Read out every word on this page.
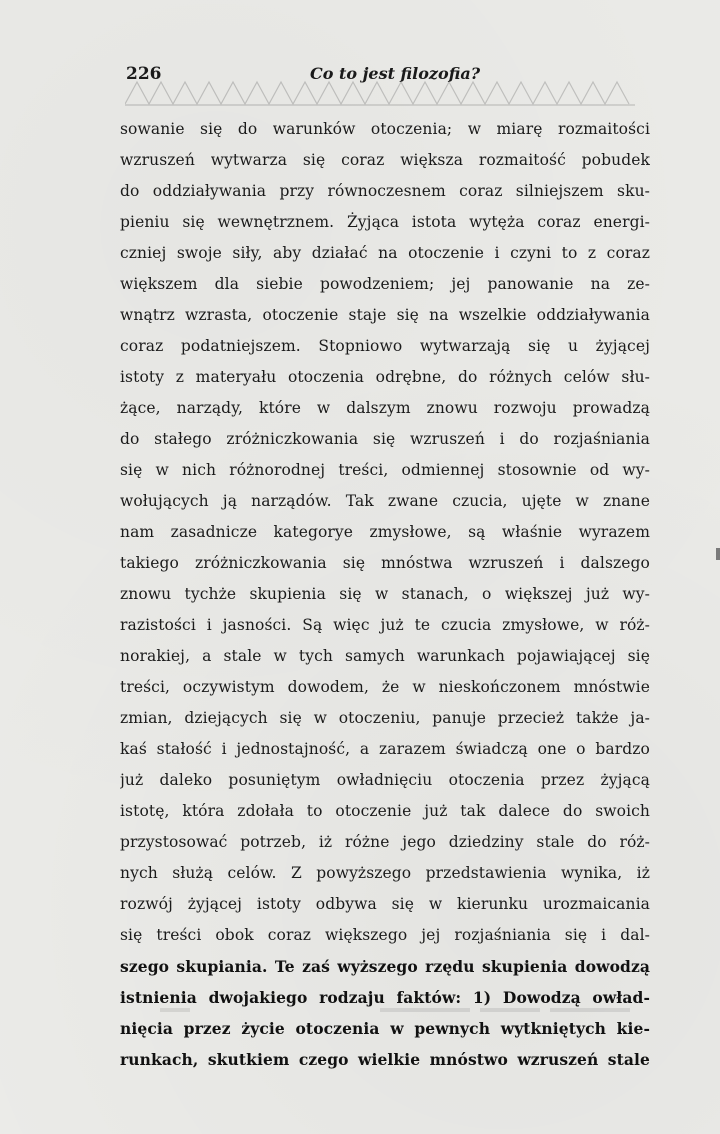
226	Co to jest filozofia?
sowanie się do warunków otoczenia; w miarę rozmaitości
wzruszeń wytwarza się coraz większa rozmaitość pobudek
do oddziaływania przy równoczesnem coraz silniejszem sku-
pieniu się wewnętrznem. Żyjąca istota wytęża coraz energi-
czniej swoje siły, aby działać na otoczenie i czyni to z coraz
większem dla siebie powodzeniem; jej panowanie na ze-
wnątrz wzrasta, otoczenie staje się na wszelkie oddziaływania
coraz podatniejszem. Stopniowo wytwarzają się u żyjącej
istoty z materyału otoczenia odrębne, do różnych celów słu-
żące, narządy, które w dalszym znowu rozwoju prowadzą
do stałego zróżniczkowania się wzruszeń i do rozjaśniania
się w nich różnorodnej treści, odmiennej stosownie od wy-
wołujących ją narządów. Tak zwane czucia, ujęte w znane
nam zasadnicze kategorye zmysłowe, są właśnie wyrazem
takiego zróżniczkowania się mnóstwa wzruszeń i dalszego
znowu tychże skupienia się w stanach, o większej już wy-
razistości i jasności. Są więc już te czucia zmysłowe, w róż-
norakiej, a stale w tych samych warunkach pojawiającej się
treści, oczywistym dowodem, że w nieskończonem mnóstwie
zmian, dziejących się w otoczeniu, panuje przecież także ja-
kaś stałość i jednostajność, a zarazem świadczą one o bardzo
już daleko posuniętym owładnięciu otoczenia przez żyjącą
istotę, która zdołała to otoczenie już tak dalece do swoich
przystosować potrzeb, iż różne jego dziedziny stale do róż-
nych służą celów. Z powyższego przedstawienia wynika, iż
rozwój żyjącej istoty odbywa się w kierunku urozmaicania
się treści obok coraz większego jej rozjaśniania się i dal-
szego skupiania. Te zaś wyższego rzędu skupienia dowodzą
istnienia dwojakiego rodzaju faktów: 1) Dowodzą owład-
nięcia przez życie otoczenia w pewnych wytkniętych kie-
runkach, skutkiem czego wielkie mnóstwo wzruszeń stale
